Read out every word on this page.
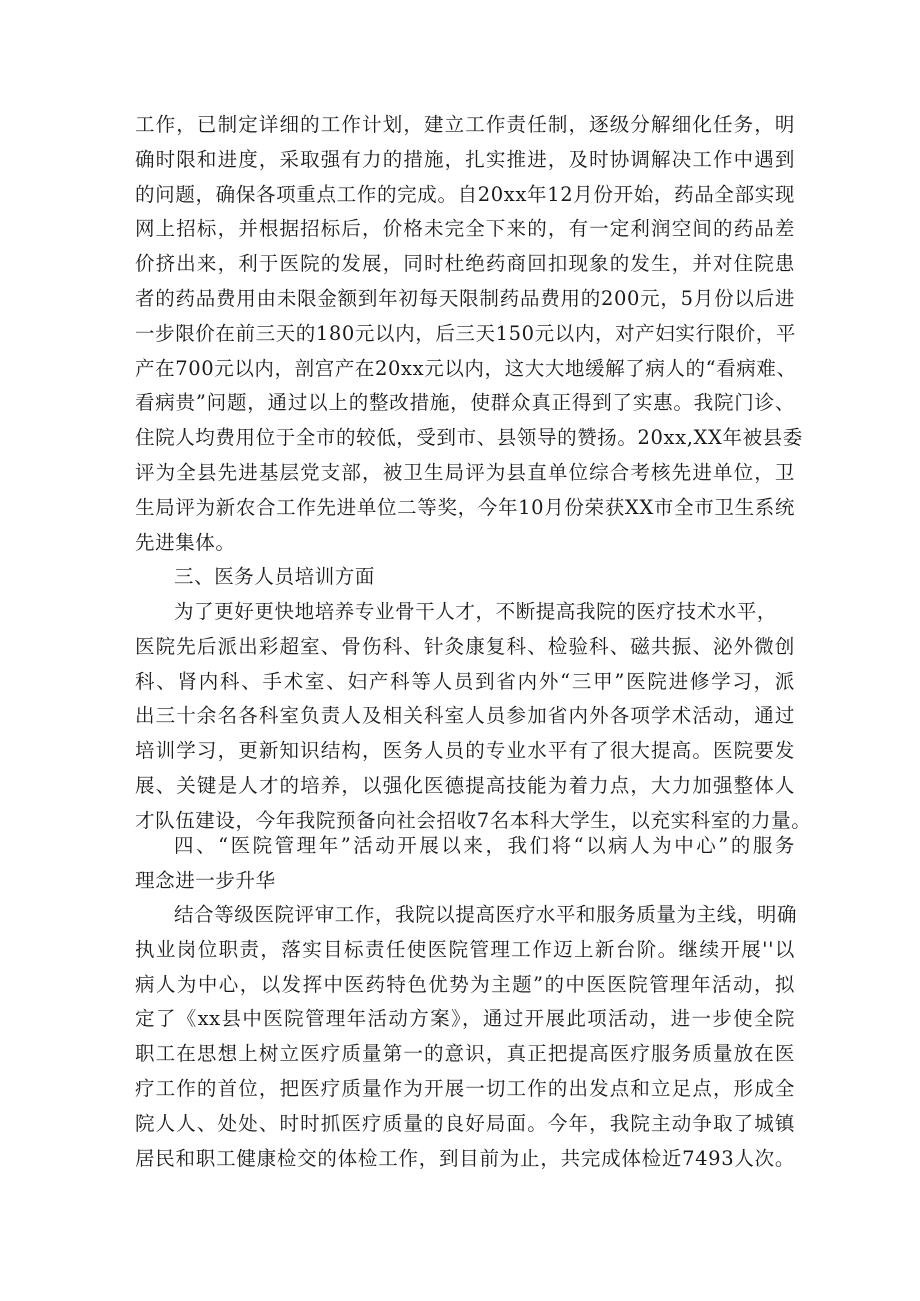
工作，已制定详细的工作计划，建立工作责任制，逐级分解细化任务，明
确时限和进度，采取强有力的措施，扎实推进，及时协调解决工作中遇到
的问题，确保各项重点工作的完成。自20xx年12月份开始，药品全部实现
网上招标，并根据招标后，价格未完全下来的，有一定利润空间的药品差
价挤出来，利于医院的发展，同时杜绝药商回扣现象的发生，并对住院患
者的药品费用由未限金额到年初每天限制药品费用的200元，5月份以后进
一步限价在前三天的180元以内，后三天150元以内，对产妇实行限价，平
产在700元以内，剖宫产在20xx元以内，这大大地缓解了病人的“看病难、
看病贵”问题，通过以上的整改措施，使群众真正得到了实惠。我院门诊、
住院人均费用位于全市的较低，受到市、县领导的赞扬。20xx,XX年被县委
评为全县先进基层党支部，被卫生局评为县直单位综合考核先进单位，卫
生局评为新农合工作先进单位二等奖，今年10月份荣获XX市全市卫生系统
先进集体。
三、医务人员培训方面
为了更好更快地培养专业骨干人才，不断提高我院的医疗技术水平，
医院先后派出彩超室、骨伤科、针灸康复科、检验科、磁共振、泌外微创
科、肾内科、手术室、妇产科等人员到省内外“三甲”医院进修学习，派
出三十余名各科室负责人及相关科室人员参加省内外各项学术活动，通过
培训学习，更新知识结构，医务人员的专业水平有了很大提高。医院要发
展、关键是人才的培养，以强化医德提高技能为着力点，大力加强整体人
才队伍建设，今年我院预备向社会招收7名本科大学生，以充实科室的力量。
四、“医院管理年”活动开展以来，我们将“以病人为中心”的服务
理念进一步升华
结合等级医院评审工作，我院以提高医疗水平和服务质量为主线，明确
执业岗位职责，落实目标责任使医院管理工作迈上新台阶。继续开展''以
病人为中心，以发挥中医药特色优势为主题”的中医医院管理年活动，拟
定了《xx县中医院管理年活动方案》，通过开展此项活动，进一步使全院
职工在思想上树立医疗质量第一的意识，真正把提高医疗服务质量放在医
疗工作的首位，把医疗质量作为开展一切工作的出发点和立足点，形成全
院人人、处处、时时抓医疗质量的良好局面。今年，我院主动争取了城镇
居民和职工健康检交的体检工作，到目前为止，共完成体检近7493人次。
